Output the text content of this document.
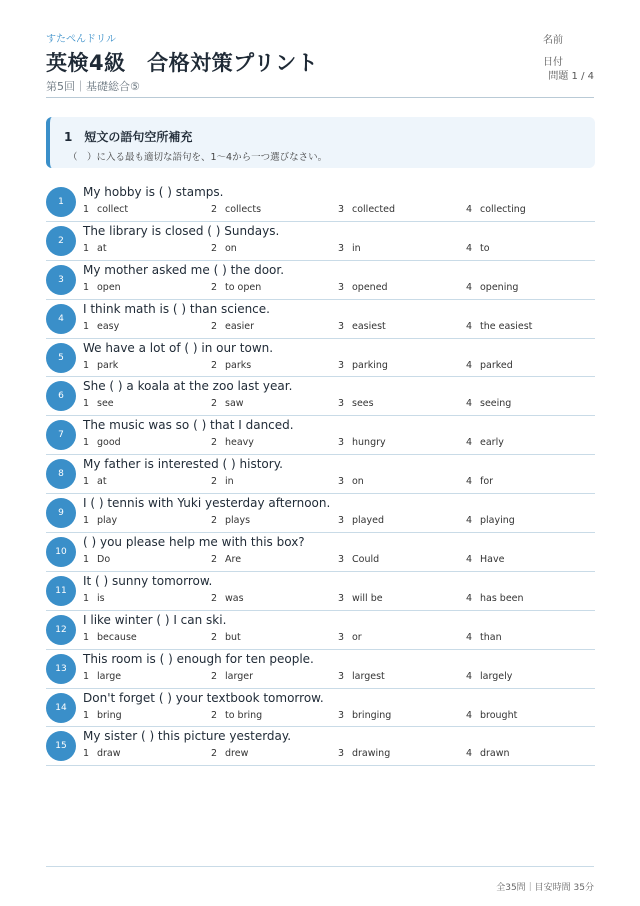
すたぺんドリル
英検4級　合格対策プリント
第5回｜基礎総合⑤
名前
日付
問題 1 / 4
1　短文の語句空所補充
（　）に入る最も適切な語句を、1〜4から一つ選びなさい。
1
My hobby is ( ) stamps.
1 collect	2 collects	3 collected	4 collecting
2
The library is closed ( ) Sundays.
1 at	2 on	3 in	4 to
3
My mother asked me ( ) the door.
1 open	2 to open	3 opened	4 opening
4
I think math is ( ) than science.
1 easy	2 easier	3 easiest	4 the easiest
5
We have a lot of ( ) in our town.
1 park	2 parks	3 parking	4 parked
6
She ( ) a koala at the zoo last year.
1 see	2 saw	3 sees	4 seeing
7
The music was so ( ) that I danced.
1 good	2 heavy	3 hungry	4 early
8
My father is interested ( ) history.
1 at	2 in	3 on	4 for
9
I ( ) tennis with Yuki yesterday afternoon.
1 play	2 plays	3 played	4 playing
10
( ) you please help me with this box?
1 Do	2 Are	3 Could	4 Have
11
It ( ) sunny tomorrow.
1 is	2 was	3 will be	4 has been
12
I like winter ( ) I can ski.
1 because	2 but	3 or	4 than
13
This room is ( ) enough for ten people.
1 large	2 larger	3 largest	4 largely
14
Don't forget ( ) your textbook tomorrow.
1 bring	2 to bring	3 bringing	4 brought
15
My sister ( ) this picture yesterday.
1 draw	2 drew	3 drawing	4 drawn
全35問｜目安時間 35分
